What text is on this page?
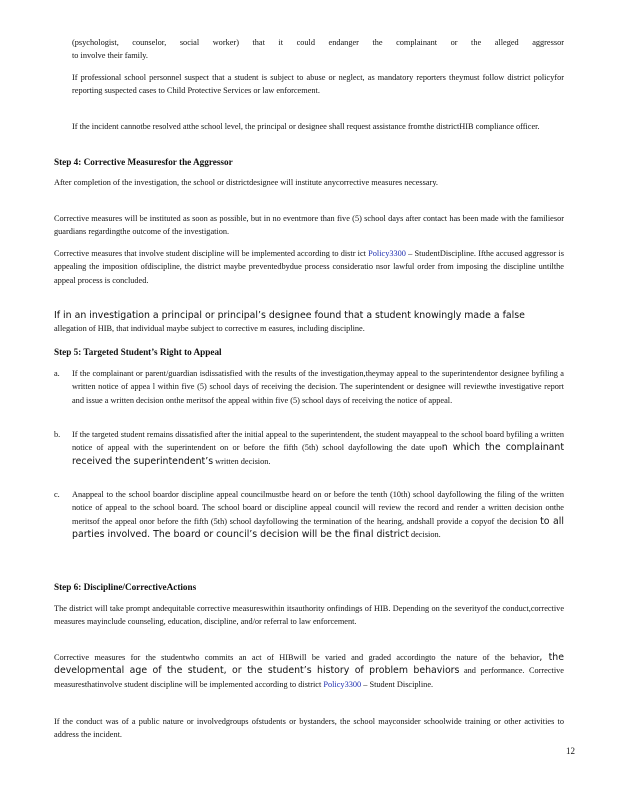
(psychologist, counselor, social worker) that it could endanger the complainant or the alleged aggressor
to involve their family.
If professional school personnel suspect that a student is subject to abuse or neglect, as mandatory reporters theymust follow district policyfor reporting suspected cases to Child Protective Services or law enforcement.
If the incident cannotbe resolved atthe school level, the principal or designee shall request assistance fromthe districtHIB compliance officer.
Step 4: Corrective Measuresfor the Aggressor
After completion of the investigation, the school or districtdesignee will institute anycorrective measures necessary.
Corrective measures will be instituted as soon as possible, but in no eventmore than five (5) school days after contact has been made with the familiesor guardians regardingthe outcome of the investigation.
Corrective measures that involve student discipline will be implemented according to distr ict Policy3300 – StudentDiscipline. Ifthe accused aggressor is appealing the imposition ofdiscipline, the district maybe preventedbydue process consideratio nsor lawful order from imposing the discipline untilthe appeal process is concluded.
If in an investigation a principal or principal’s designee found that a student knowingly made a false
allegation of HIB, that individual maybe subject to corrective m easures, including discipline.
Step 5: Targeted Student’s Right to Appeal
a. If the complainant or parent/guardian isdissatisfied with the results of the investigation,theymay appeal to the superintendentor designee byfiling a written notice of appea l within five (5) school days of receiving the decision. The superintendent or designee will reviewthe investigative report and issue a written decision onthe meritsof the appeal within five (5) school days of receiving the notice of appeal.
b. If the targeted student remains dissatisfied after the initial appeal to the superintendent, the student mayappeal to the school board byfiling a written notice of appeal with the superintendent on or before the fifth (5th) school dayfollowing the date upon which the complainant received the superintendent’s written decision.
c. Anappeal to the school boardor discipline appeal councilmustbe heard on or before the tenth (10th) school dayfollowing the filing of the written notice of appeal to the school board. The school board or discipline appeal council will review the record and render a written decision onthe meritsof the appeal onor before the fifth (5th) school dayfollowing the termination of the hearing, andshall provide a copyof the decision to all parties involved. The board or council’s decision will be the final district decision.
Step 6: Discipline/CorrectiveActions
The district will take prompt andequitable corrective measureswithin itsauthority onfindings of HIB. Depending on the severityof the conduct,corrective measures mayinclude counseling, education, discipline, and/or referral to law enforcement.
Corrective measures for the studentwho commits an act of HIBwill be varied and graded accordingto the nature of the behavior, the developmental age of the student, or the student’s history of problem behaviors and performance. Corrective measuresthatinvolve student discipline will be implemented according to district Policy3300 – Student Discipline.
If the conduct was of a public nature or involvedgroups ofstudents or bystanders, the school mayconsider schoolwide training or other activities to address the incident.
12
